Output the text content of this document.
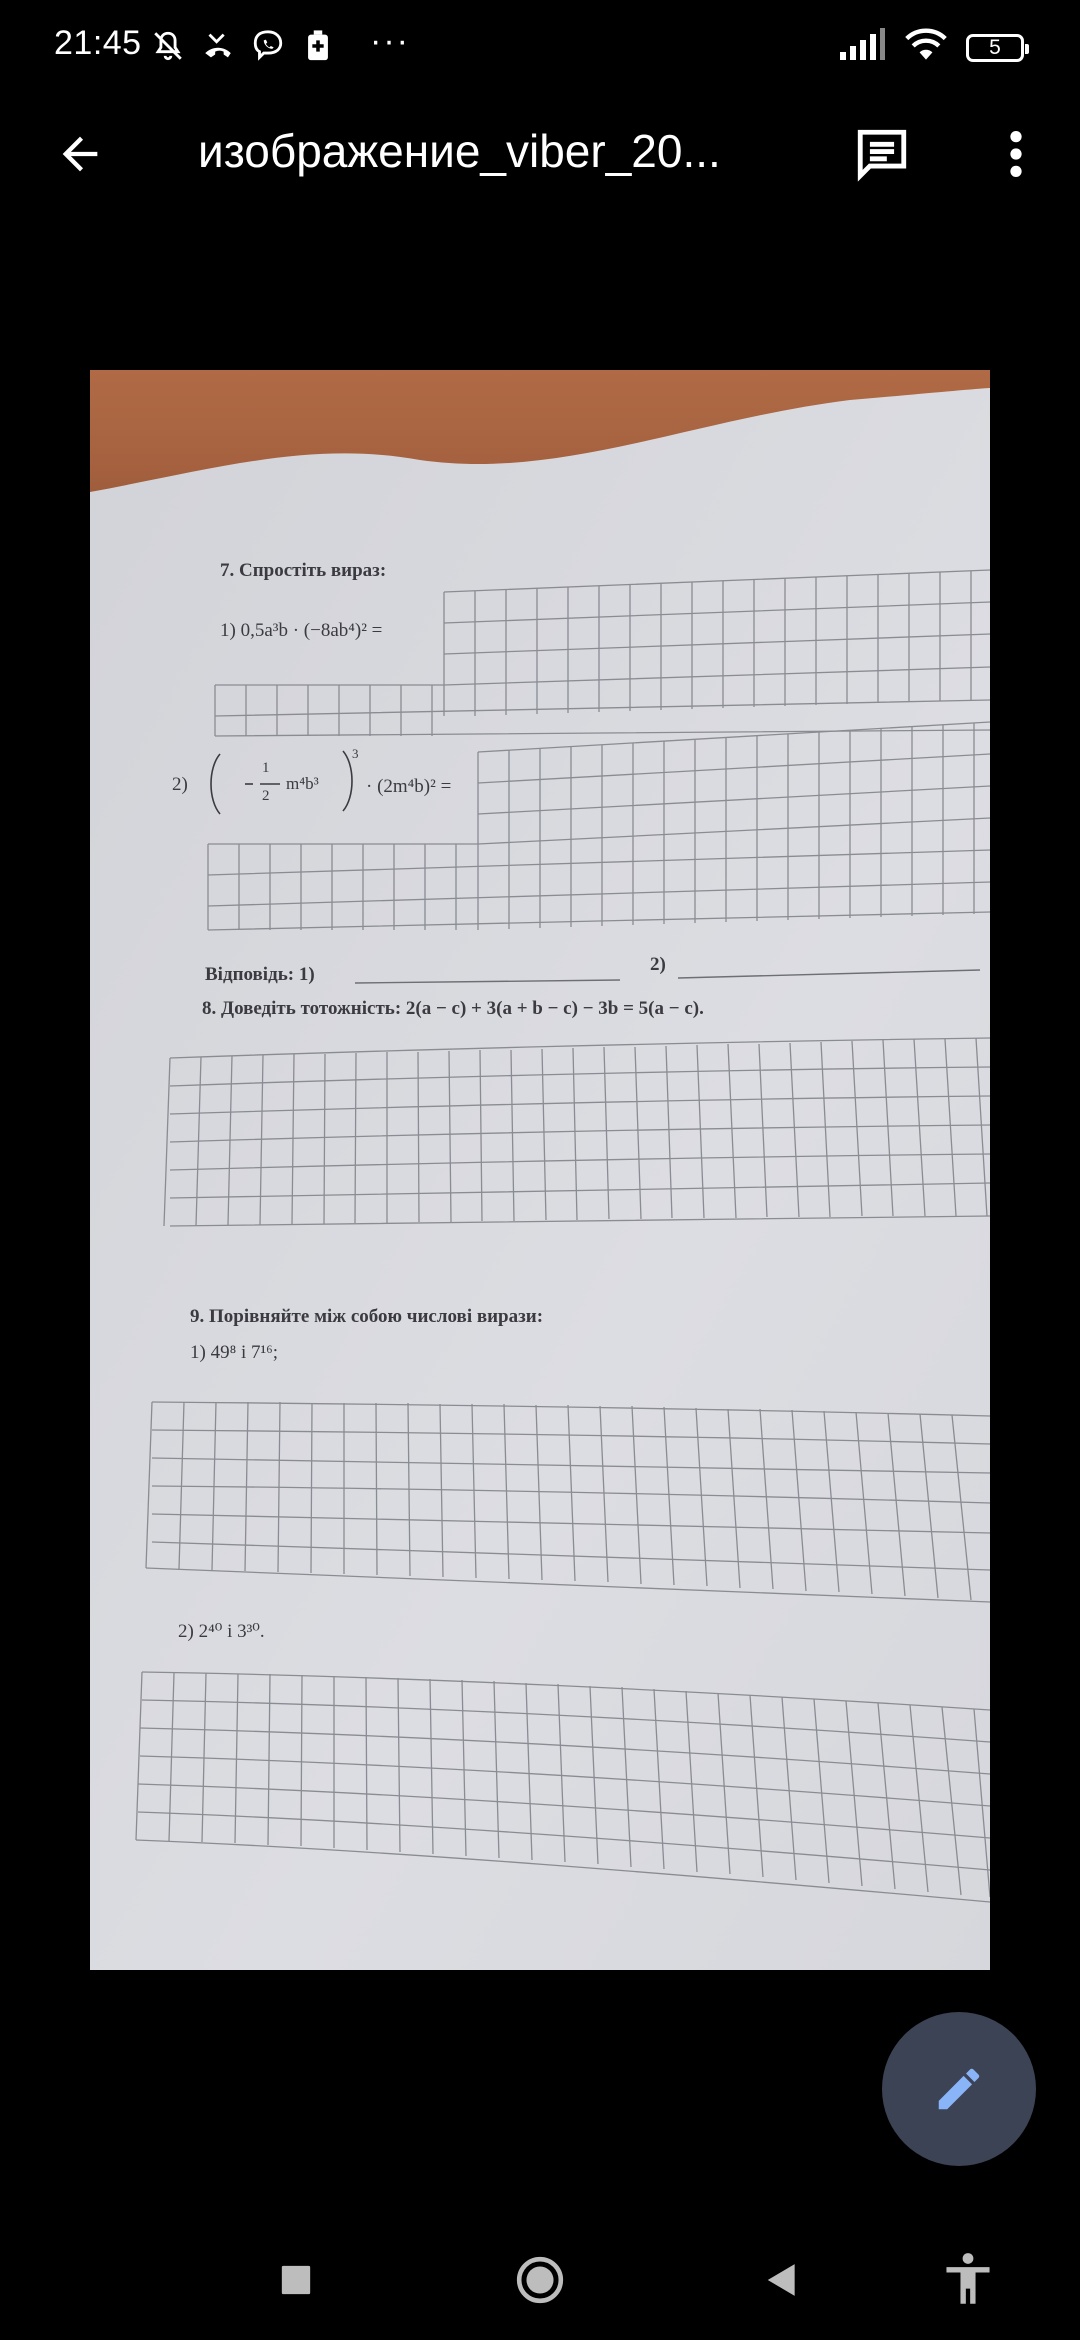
21:45	···	5
изображение_viber_20...
7. Спростіть вираз:
1) 0,5a³b · (−8ab⁴)² =
2)
1
2
m⁴b³
3
· (2m⁴b)² =
Відповідь: 1)	2)
8. Доведіть тотожність: 2(a − c) + 3(a + b − c) − 3b = 5(a − c).
9. Порівняйте між собою числові вирази:
1) 49⁸ і 7¹⁶;
2) 2⁴⁰ і 3³⁰.
